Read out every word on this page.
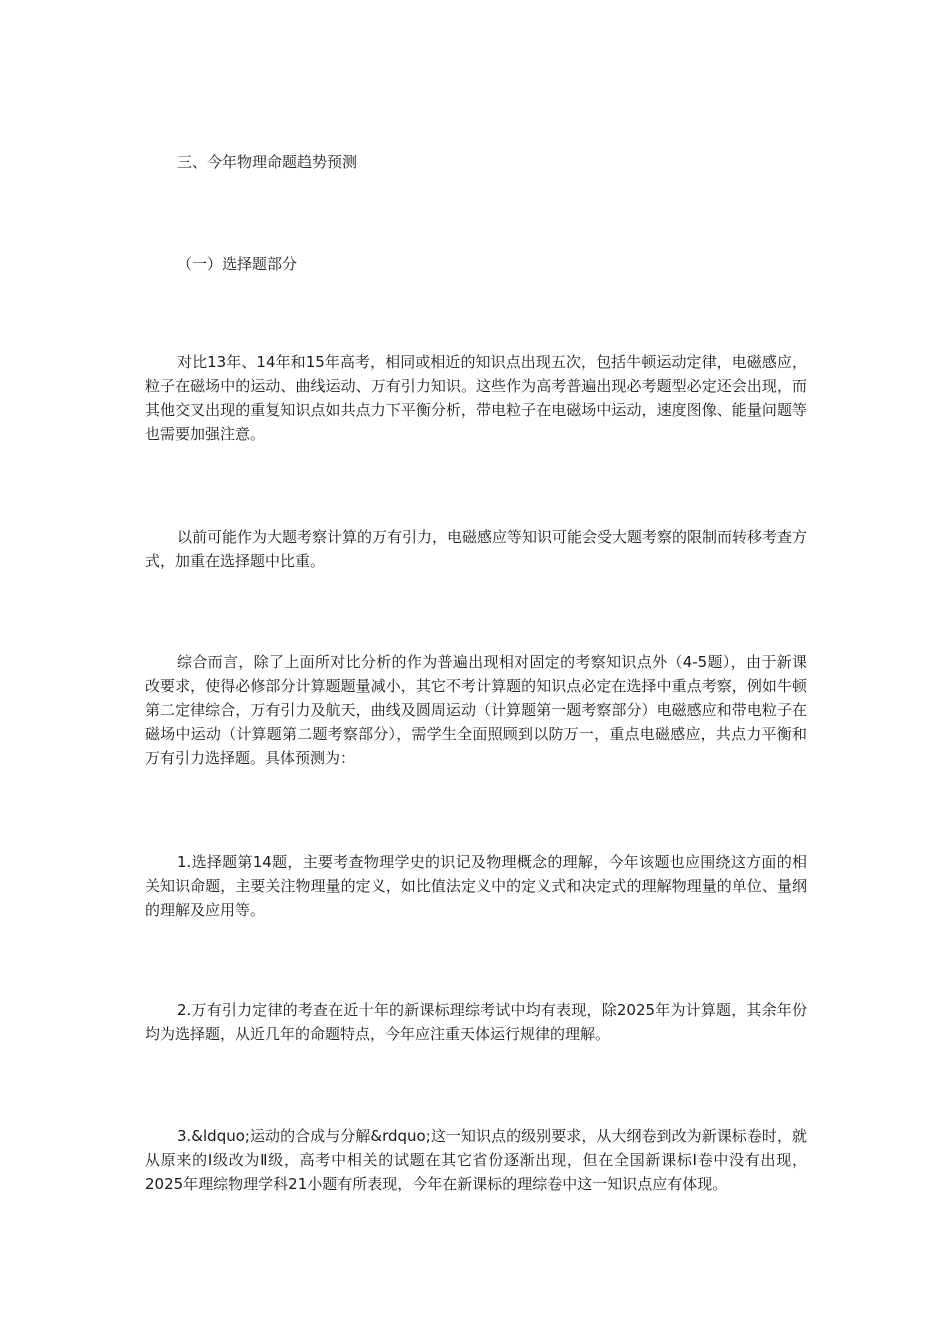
三、今年物理命题趋势预测

（一）选择题部分

对比13年、14年和15年高考，相同或相近的知识点出现五次，包括牛顿运动定律，电磁感应，粒子在磁场中的运动、曲线运动、万有引力知识。这些作为高考普遍出现必考题型必定还会出现，而其他交叉出现的重复知识点如共点力下平衡分析，带电粒子在电磁场中运动，速度图像、能量问题等也需要加强注意。

以前可能作为大题考察计算的万有引力，电磁感应等知识可能会受大题考察的限制而转移考查方式，加重在选择题中比重。

综合而言，除了上面所对比分析的作为普遍出现相对固定的考察知识点外（4-5题），由于新课改要求，使得必修部分计算题题量减小，其它不考计算题的知识点必定在选择中重点考察，例如牛顿第二定律综合，万有引力及航天，曲线及圆周运动（计算题第一题考察部分）电磁感应和带电粒子在磁场中运动（计算题第二题考察部分），需学生全面照顾到以防万一，重点电磁感应，共点力平衡和万有引力选择题。具体预测为：

1.选择题第14题，主要考查物理学史的识记及物理概念的理解，今年该题也应围绕这方面的相关知识命题，主要关注物理量的定义，如比值法定义中的定义式和决定式的理解物理量的单位、量纲的理解及应用等。

2.万有引力定律的考查在近十年的新课标理综考试中均有表现，除2025年为计算题，其余年份均为选择题，从近几年的命题特点，今年应注重天体运行规律的理解。

3.&ldquo;运动的合成与分解&rdquo;这一知识点的级别要求，从大纲卷到改为新课标卷时，就从原来的Ⅰ级改为Ⅱ级，高考中相关的试题在其它省份逐渐出现，但在全国新课标Ⅰ卷中没有出现，2025年理综物理学科21小题有所表现，今年在新课标的理综卷中这一知识点应有体现。
